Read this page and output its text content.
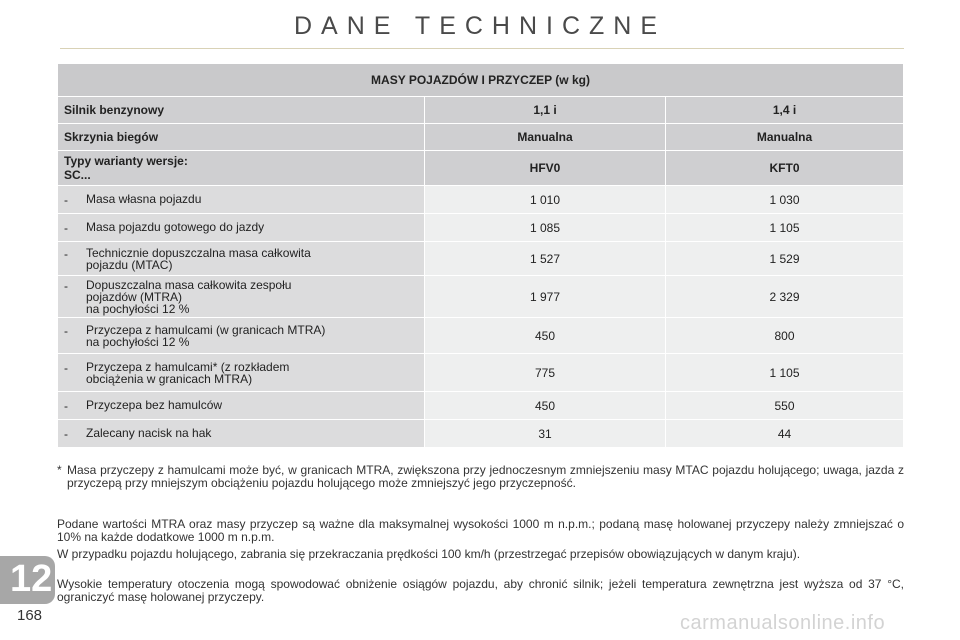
DANE TECHNICZNE
MASY POJAZDÓW I PRZYCZEP (w kg)		
Silnik benzynowy	1,1 i	1,4 i
Skrzynia biegów	Manualna	Manualna

Typy warianty wersje:
SC...	HFV0	KFT0
- Masa własna pojazdu	1 010	1 030
- Masa pojazdu gotowego do jazdy	1 085	1 105
- Technicznie dopuszczalna masa całkowita
pojazdu (MTAC)	1 527	1 529
- Dopuszczalna masa całkowita zespołu
pojazdów (MTRA)
na pochyłości 12 %	1 977	2 329
- Przyczepa z hamulcami (w granicach MTRA)
na pochyłości 12 %	450	800
- Przyczepa z hamulcami* (z rozkładem
obciążenia w granicach MTRA)	775	1 105
- Przyczepa bez hamulców	450	550
- Zalecany nacisk na hak	31	44
* Masa przyczepy z hamulcami może być, w granicach MTRA, zwiększona przy jednoczesnym zmniejszeniu masy MTAC pojazdu holującego; uwaga, jazda z przyczepą przy mniejszym obciążeniu pojazdu holującego może zmniejszyć jego przyczepność.
Podane wartości MTRA oraz masy przyczep są ważne dla maksymalnej wysokości 1000 m n.p.m.; podaną masę holowanej przyczepy należy zmniejszać o 10% na każde dodatkowe 1000 m n.p.m.
W przypadku pojazdu holującego, zabrania się przekraczania prędkości 100 km/h (przestrzegać przepisów obowiązujących w danym kraju).
Wysokie temperatury otoczenia mogą spowodować obniżenie osiągów pojazdu, aby chronić silnik; jeżeli temperatura zewnętrzna jest wyższa od 37 °C, ograniczyć masę holowanej przyczepy.
12
168	carmanualsonline.info
